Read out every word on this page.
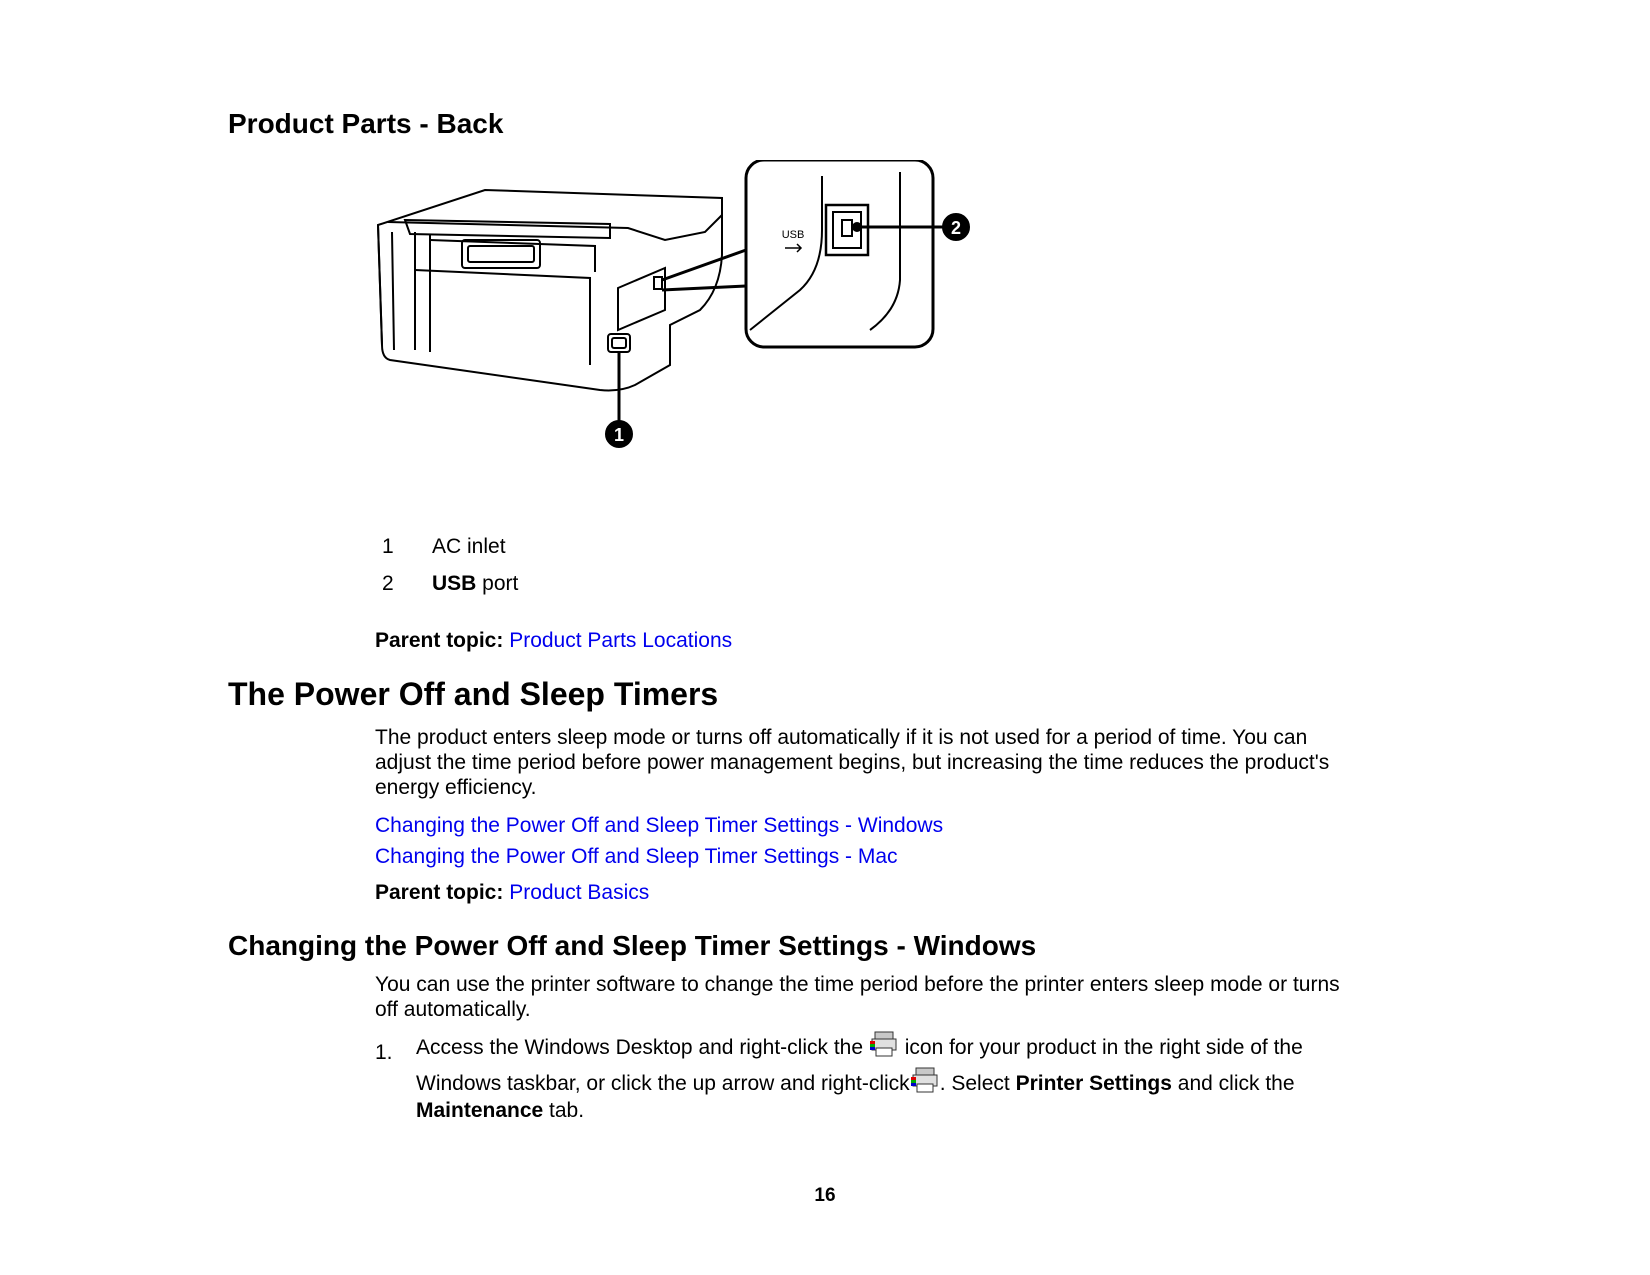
Product Parts - Back
1
USB	2
1 AC inlet
2 USB port
Parent topic: Product Parts Locations
The Power Off and Sleep Timers
The product enters sleep mode or turns off automatically if it is not used for a period of time. You can
adjust the time period before power management begins, but increasing the time reduces the product's
energy efficiency.
Changing the Power Off and Sleep Timer Settings - Windows
Changing the Power Off and Sleep Timer Settings - Mac
Parent topic: Product Basics
Changing the Power Off and Sleep Timer Settings - Windows
You can use the printer software to change the time period before the printer enters sleep mode or turns
off automatically.
1. Access the Windows Desktop and right-click the icon for your product in the right side of the
Windows taskbar, or click the up arrow and right-click . Select Printer Settings and click the
Maintenance tab.
16
